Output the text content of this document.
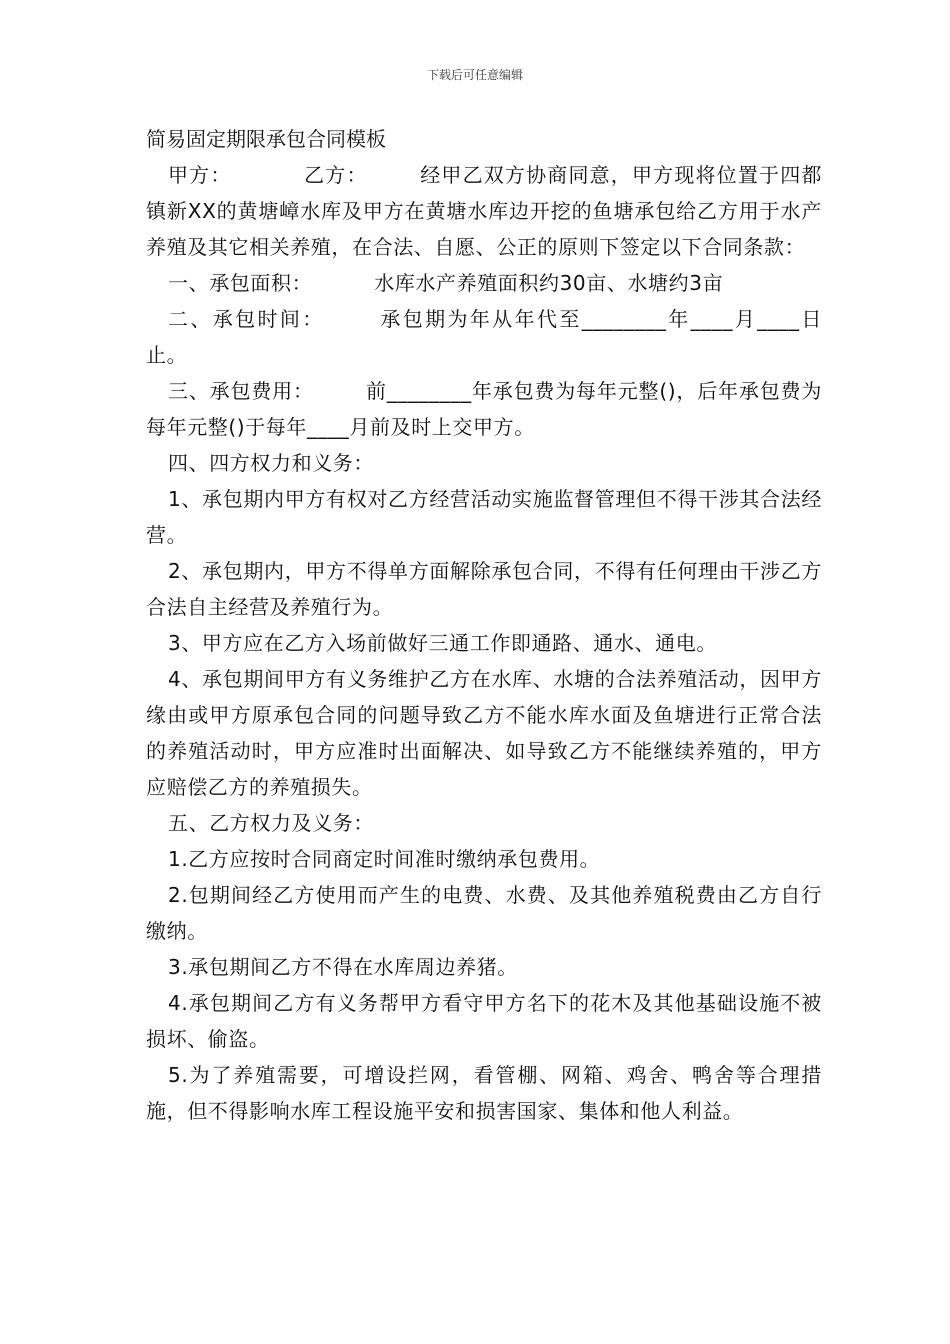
下载后可任意编辑

简易固定期限承包合同模板

甲方：	乙方：	经甲乙双方协商同意，甲方现将位置于四都镇新XX的黄塘嶂水库及甲方在黄塘水库边开挖的鱼塘承包给乙方用于水产养殖及其它相关养殖，在合法、自愿、公正的原则下签定以下合同条款：

一、承包面积：	水库水产养殖面积约30亩、水塘约3亩

二、承包时间：	承包期为年从年代至________年____月____日止。

三、承包费用：	前________年承包费为每年元整()，后年承包费为每年元整()于每年____月前及时上交甲方。

四、四方权力和义务：

1、承包期内甲方有权对乙方经营活动实施监督管理但不得干涉其合法经营。

2、承包期内，甲方不得单方面解除承包合同，不得有任何理由干涉乙方合法自主经营及养殖行为。

3、甲方应在乙方入场前做好三通工作即通路、通水、通电。

4、承包期间甲方有义务维护乙方在水库、水塘的合法养殖活动，因甲方缘由或甲方原承包合同的问题导致乙方不能水库水面及鱼塘进行正常合法的养殖活动时，甲方应准时出面解决、如导致乙方不能继续养殖的，甲方应赔偿乙方的养殖损失。

五、乙方权力及义务：

1.乙方应按时合同商定时间准时缴纳承包费用。

2.包期间经乙方使用而产生的电费、水费、及其他养殖税费由乙方自行缴纳。

3.承包期间乙方不得在水库周边养猪。

4.承包期间乙方有义务帮甲方看守甲方名下的花木及其他基础设施不被损坏、偷盗。

5.为了养殖需要，可增设拦网，看管棚、网箱、鸡舍、鸭舍等合理措施，但不得影响水库工程设施平安和损害国家、集体和他人利益。
